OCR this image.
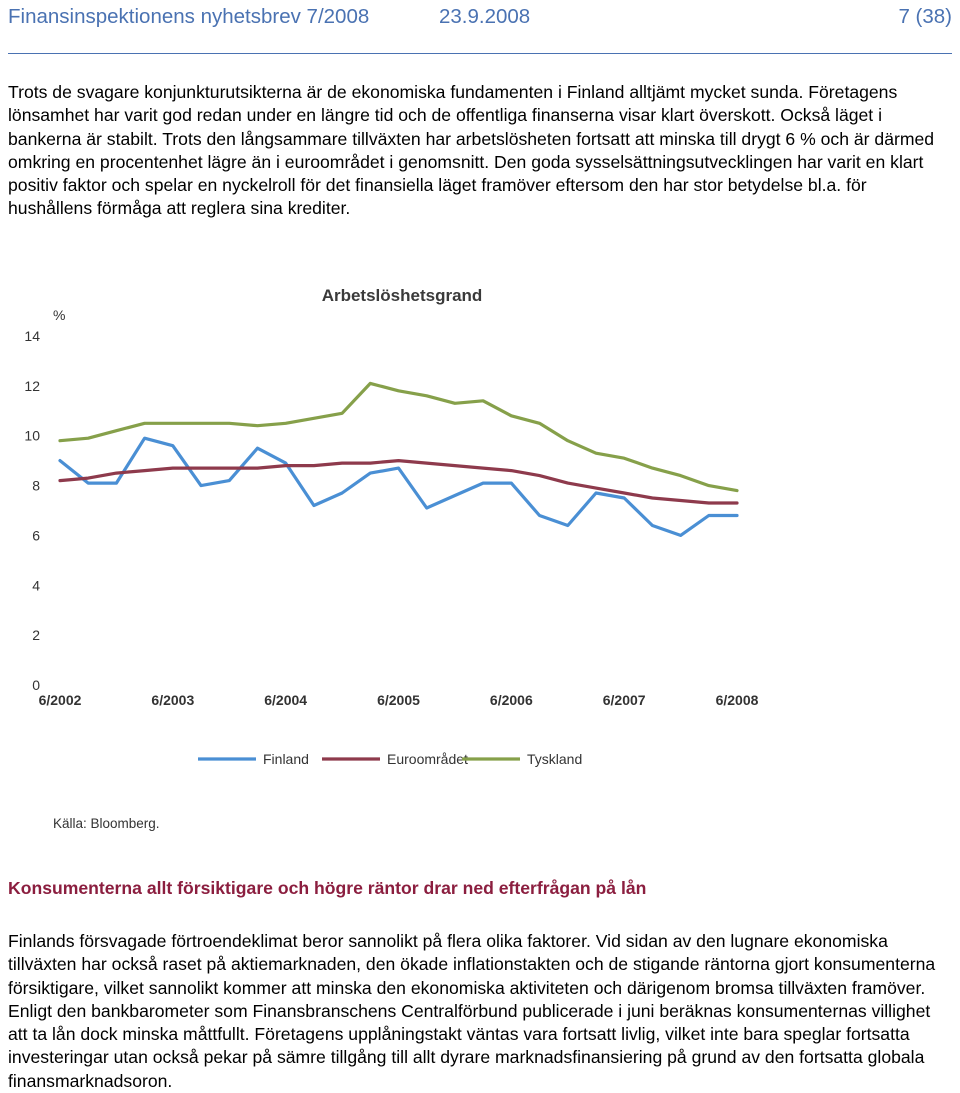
Finansinspektionens nyhetsbrev 7/2008	23.9.2008	7 (38)

Trots de svagare konjunkturutsikterna är de ekonomiska fundamenten i Finland alltjämt mycket sunda. Företagens lönsamhet har varit god redan under en längre tid och de offentliga finanserna visar klart överskott. Också läget i bankerna är stabilt. Trots den långsammare tillväxten har arbetslösheten fortsatt att minska till drygt 6 % och är därmed omkring en procentenhet lägre än i euroområdet i genomsnitt. Den goda sysselsättningsutvecklingen har varit en klart positiv faktor och spelar en nyckelroll för det finansiella läget framöver eftersom den har stor betydelse bl.a. för hushållens förmåga att reglera sina krediter.

Arbetslöshetsgrand
%
0
2
4
6
8
10
12
14
6/2002	6/2003	6/2004	6/2005	6/2006	6/2007	6/2008
Finland	Euroområdet	Tyskland
Källa: Bloomberg.

Konsumenterna allt försiktigare och högre räntor drar ned efterfrågan på lån

Finlands försvagade förtroendeklimat beror sannolikt på flera olika faktorer. Vid sidan av den lugnare ekonomiska tillväxten har också raset på aktiemarknaden, den ökade inflationstakten och de stigande räntorna gjort konsumenterna försiktigare, vilket sannolikt kommer att minska den ekonomiska aktiviteten och därigenom bromsa tillväxten framöver. Enligt den bankbarometer som Finansbranschens Centralförbund publicerade i juni beräknas konsumenternas villighet att ta lån dock minska måttfullt. Företagens upplåningstakt väntas vara fortsatt livlig, vilket inte bara speglar fortsatta investeringar utan också pekar på sämre tillgång till allt dyrare marknadsfinansiering på grund av den fortsatta globala finansmarknadsoron.
